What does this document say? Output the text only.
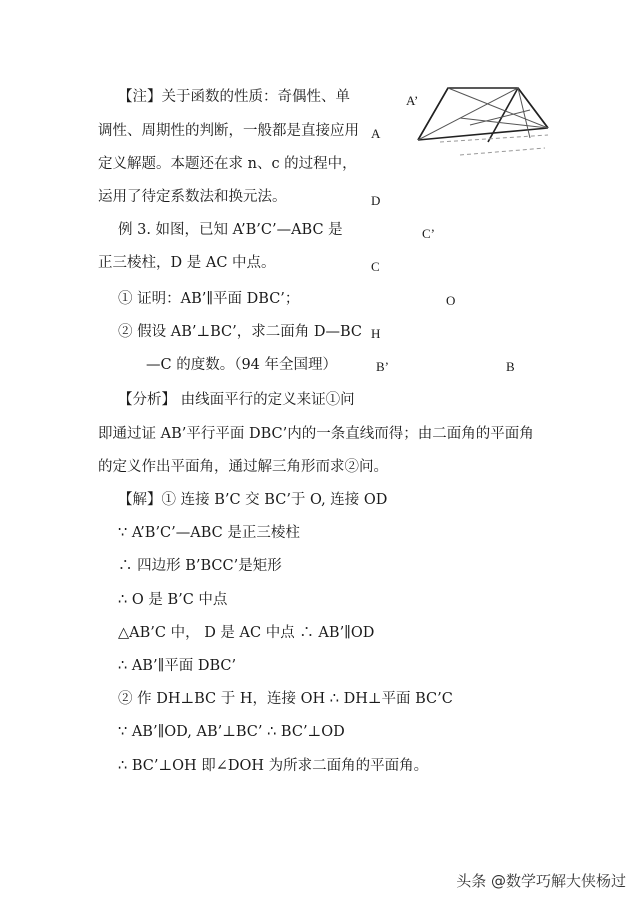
【注】关于函数的性质：奇偶性、单
调性、周期性的判断，一般都是直接应用
定义解题。本题还在求 n、c 的过程中，
运用了待定系数法和换元法。
例 3. 如图，已知 A’B’C’—ABC 是
正三棱柱，D 是 AC 中点。
① 证明：AB’∥平面 DBC’；
② 假设 AB’⊥BC’，求二面角 D—BC
—C 的度数。（94 年全国理）
【分析】 由线面平行的定义来证①问
即通过证 AB’平行平面 DBC’内的一条直线而得；由二面角的平面角
的定义作出平面角，通过解三角形而求②问。
【解】① 连接 B’C 交 BC’于 O, 连接 OD
∵ A’B’C’—ABC 是正三棱柱
∴ 四边形 B’BCC’是矩形
∴ O 是 B’C 中点
△AB’C 中， D 是 AC 中点 ∴ AB’∥OD
∴ AB’∥平面 DBC’
② 作 DH⊥BC 于 H，连接 OH ∴ DH⊥平面 BC’C
∵ AB’∥OD, AB’⊥BC’ ∴ BC’⊥OD
∴ BC’⊥OH 即∠DOH 为所求二面角的平面角。
A’
A
D
C’
C
O
H
B’	B
头条 @数学巧解大侠杨过
